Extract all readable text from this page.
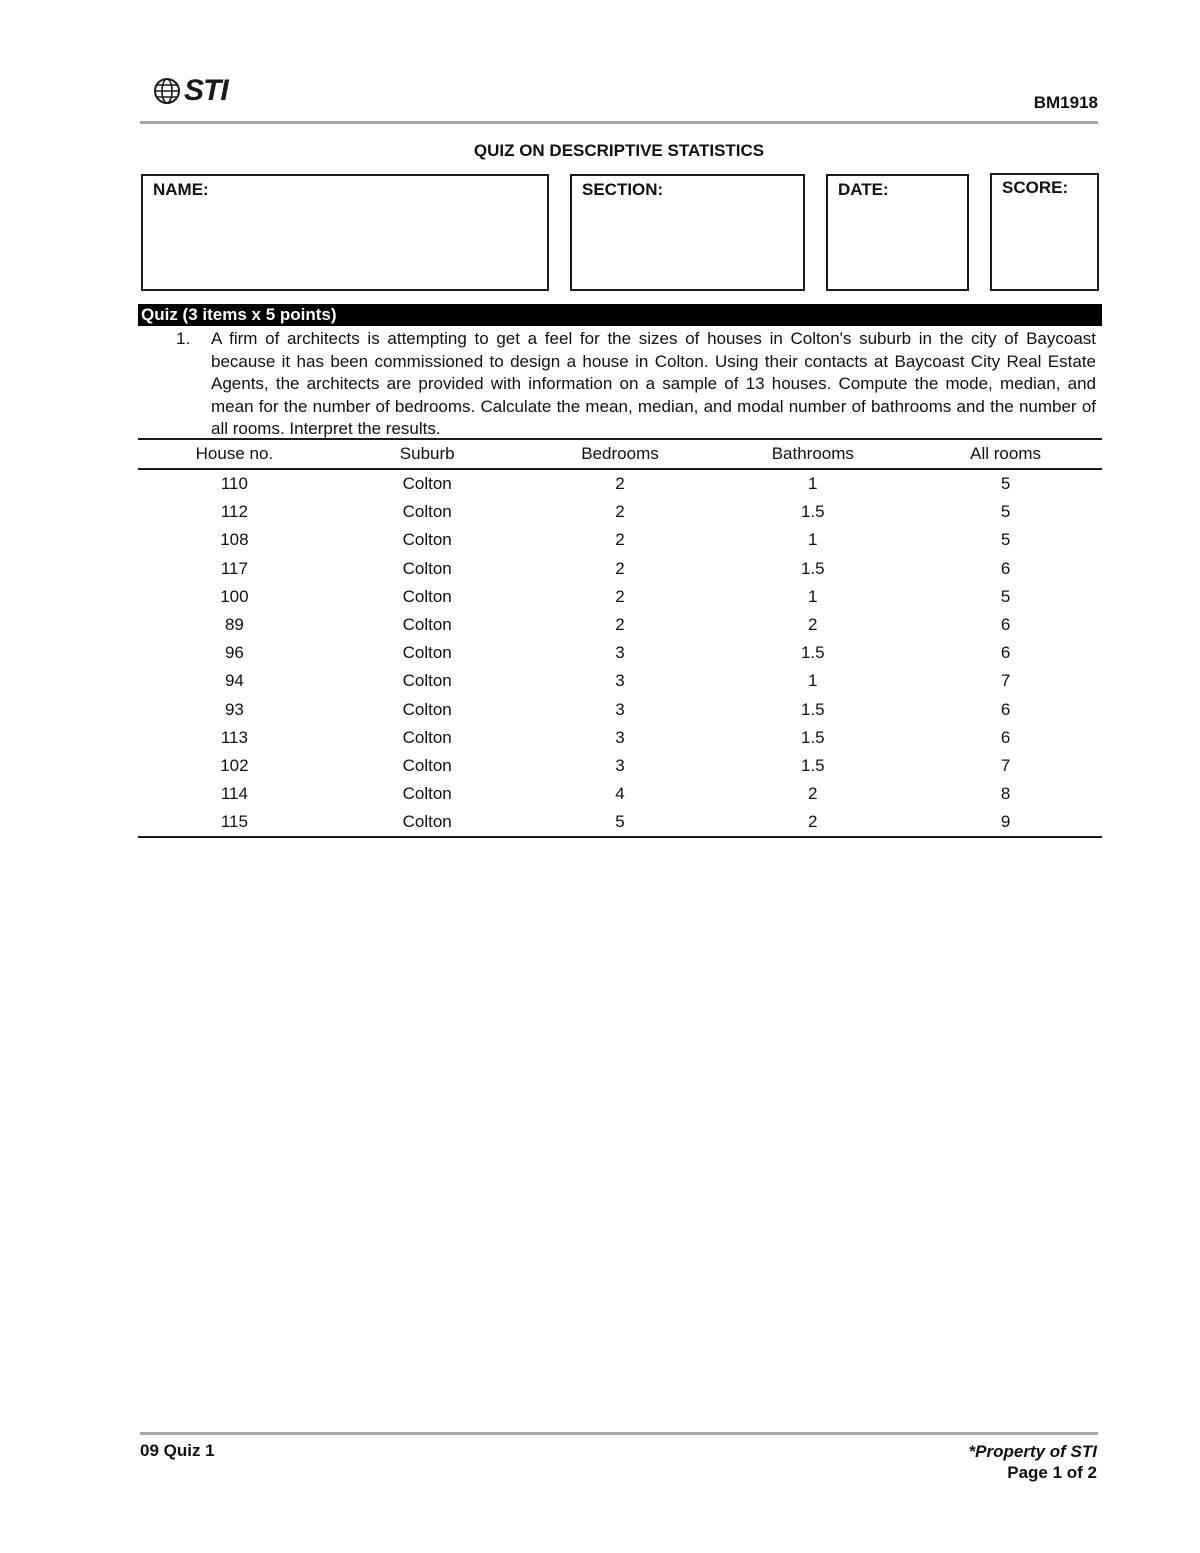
STI	BM1918
QUIZ ON DESCRIPTIVE STATISTICS
NAME:	SECTION:	DATE:	SCORE:
Quiz (3 items x 5 points)
1. A firm of architects is attempting to get a feel for the sizes of houses in Colton's suburb in the city of Baycoast because it has been commissioned to design a house in Colton. Using their contacts at Baycoast City Real Estate Agents, the architects are provided with information on a sample of 13 houses. Compute the mode, median, and mean for the number of bedrooms. Calculate the mean, median, and modal number of bathrooms and the number of all rooms. Interpret the results.
House no.	Suburb	Bedrooms	Bathrooms	All rooms
110	Colton	2	1	5
112	Colton	2	1.5	5
108	Colton	2	1	5
117	Colton	2	1.5	6
100	Colton	2	1	5
89	Colton	2	2	6
96	Colton	3	1.5	6
94	Colton	3	1	7
93	Colton	3	1.5	6
113	Colton	3	1.5	6
102	Colton	3	1.5	7
114	Colton	4	2	8
115	Colton	5	2	9
09 Quiz 1	*Property of STI
Page 1 of 2
